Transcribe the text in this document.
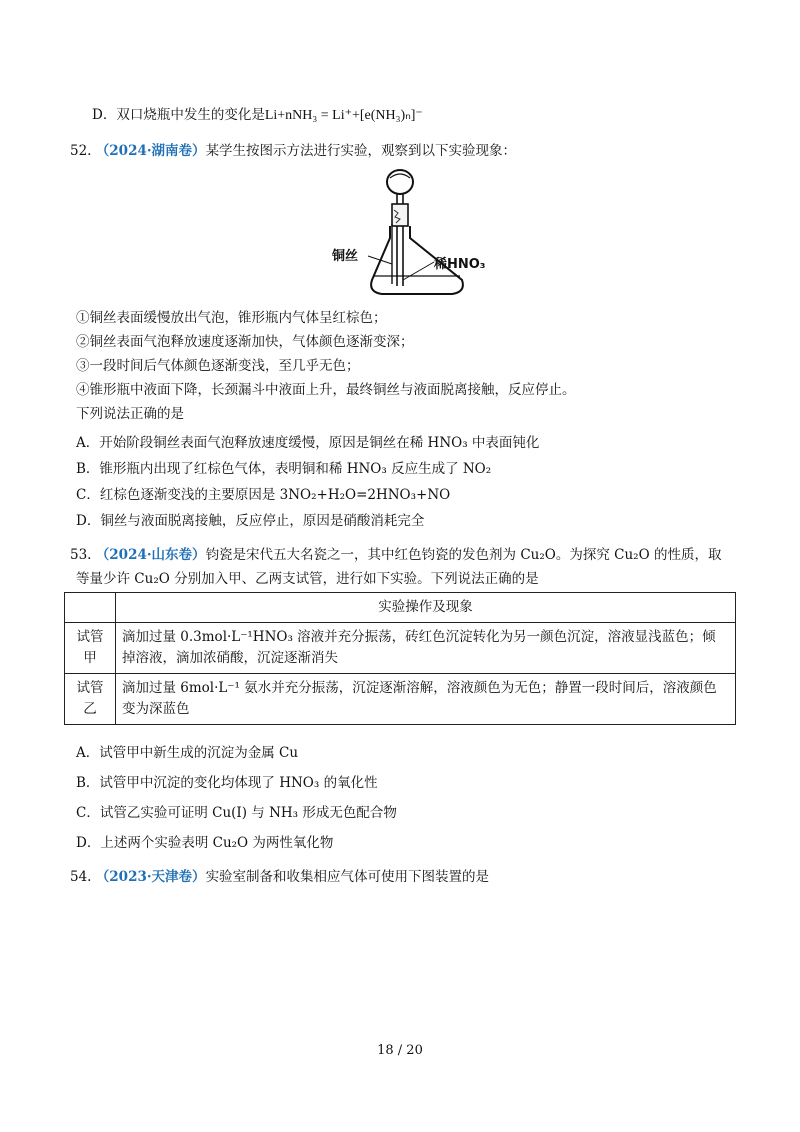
D．双口烧瓶中发生的变化是Li+nNH₃ = Li⁺+[e(NH₃)ₙ]⁻
52. （2024·湖南卷）某学生按图示方法进行实验，观察到以下实验现象：
铜丝
稀HNO₃
①铜丝表面缓慢放出气泡，锥形瓶内气体呈红棕色；
②铜丝表面气泡释放速度逐渐加快，气体颜色逐渐变深；
③一段时间后气体颜色逐渐变浅，至几乎无色；
④锥形瓶中液面下降，长颈漏斗中液面上升，最终铜丝与液面脱离接触，反应停止。
下列说法正确的是
A．开始阶段铜丝表面气泡释放速度缓慢，原因是铜丝在稀 HNO₃ 中表面钝化
B．锥形瓶内出现了红棕色气体，表明铜和稀 HNO₃ 反应生成了 NO₂
C．红棕色逐渐变浅的主要原因是 3NO₂+H₂O=2HNO₃+NO
D．铜丝与液面脱离接触，反应停止，原因是硝酸消耗完全
53. （2024·山东卷）钧瓷是宋代五大名瓷之一，其中红色钧瓷的发色剂为 Cu₂O。为探究 Cu₂O 的性质，取
等量少许 Cu₂O 分别加入甲、乙两支试管，进行如下实验。下列说法正确的是
	实验操作及现象
试管甲	滴加过量 0.3mol·L⁻¹HNO₃ 溶液并充分振荡，砖红色沉淀转化为另一颜色沉淀，溶液显浅蓝色；倾掉溶液，滴加浓硝酸，沉淀逐渐消失
试管乙	滴加过量 6mol·L⁻¹ 氨水并充分振荡，沉淀逐渐溶解，溶液颜色为无色；静置一段时间后，溶液颜色变为深蓝色
A．试管甲中新生成的沉淀为金属 Cu
B．试管甲中沉淀的变化均体现了 HNO₃ 的氧化性
C．试管乙实验可证明 Cu(Ⅰ) 与 NH₃ 形成无色配合物
D．上述两个实验表明 Cu₂O 为两性氧化物
54. （2023·天津卷）实验室制备和收集相应气体可使用下图装置的是
18 / 20
